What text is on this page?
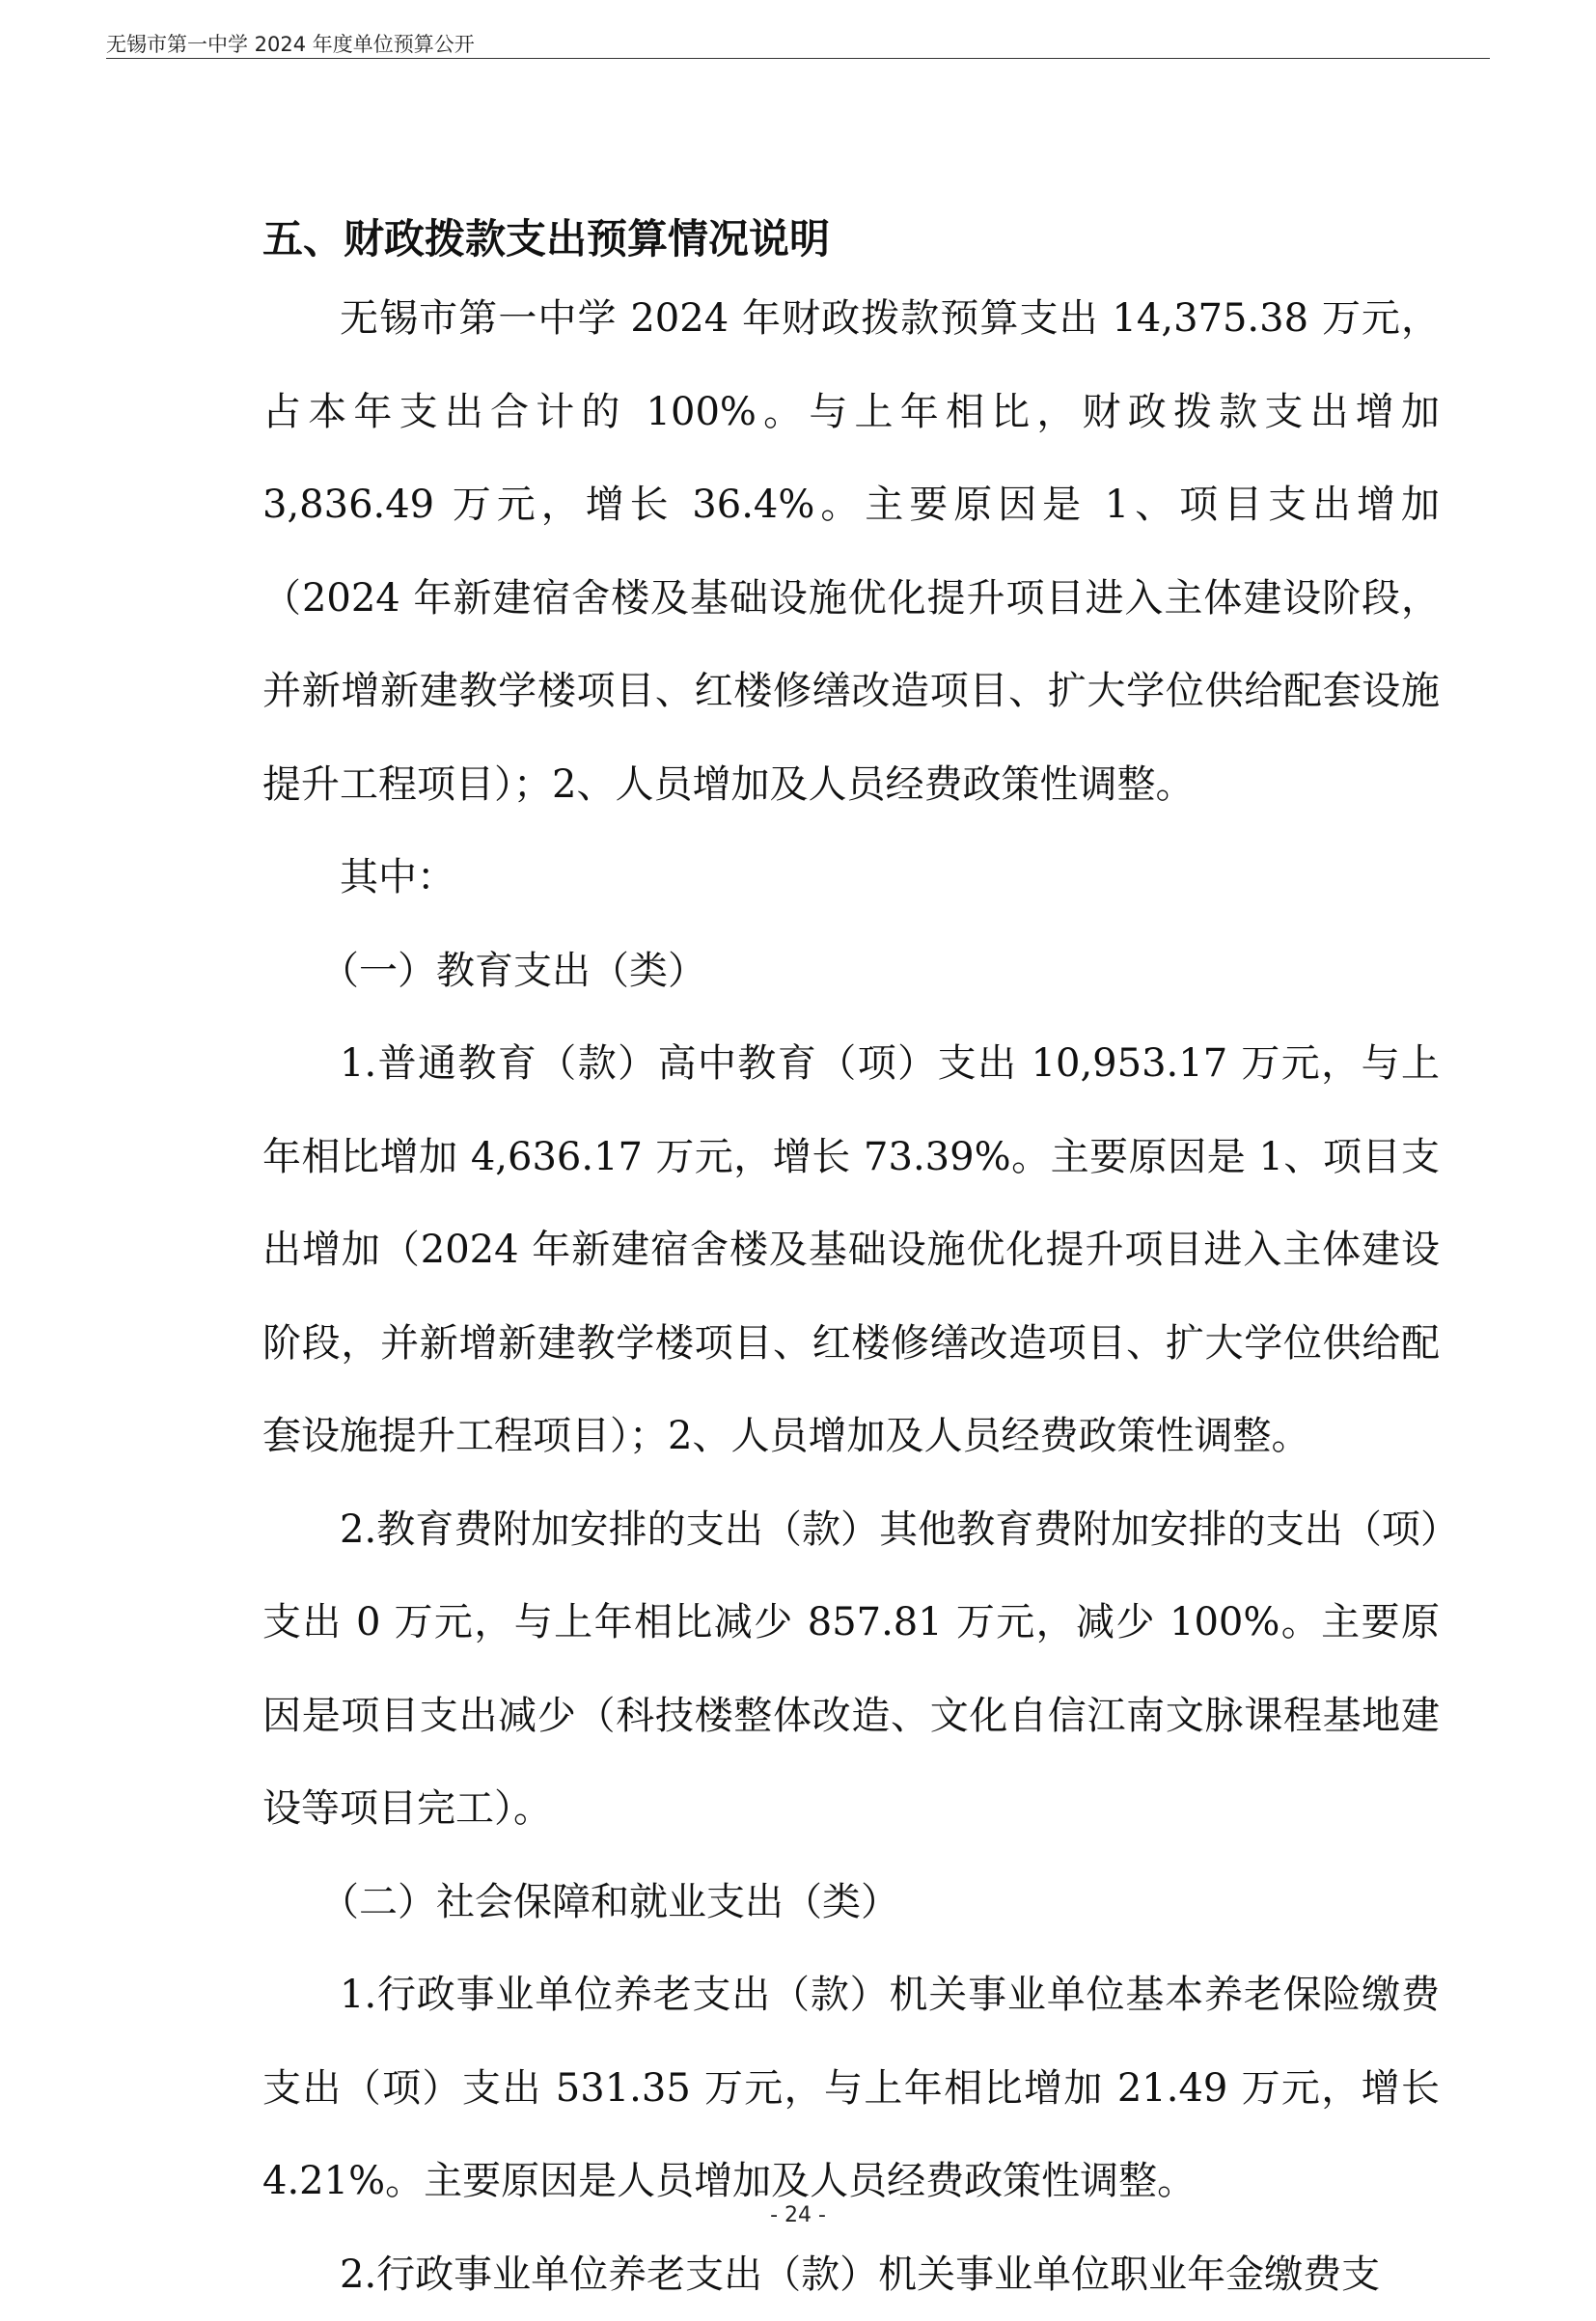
无锡市第一中学 2024 年度单位预算公开
五、财政拨款支出预算情况说明

无锡市第一中学 2024 年财政拨款预算支出 14,375.38 万元，占本年支出合计的 100%。与上年相比，财政拨款支出增加 3,836.49 万元，增长 36.4%。主要原因是 1、项目支出增加（2024 年新建宿舍楼及基础设施优化提升项目进入主体建设阶段，并新增新建教学楼项目、红楼修缮改造项目、扩大学位供给配套设施提升工程项目）；2、人员增加及人员经费政策性调整。

其中：

（一）教育支出（类）

1.普通教育（款）高中教育（项）支出 10,953.17 万元，与上年相比增加 4,636.17 万元，增长 73.39%。主要原因是 1、项目支出增加（2024 年新建宿舍楼及基础设施优化提升项目进入主体建设阶段，并新增新建教学楼项目、红楼修缮改造项目、扩大学位供给配套设施提升工程项目）；2、人员增加及人员经费政策性调整。

2.教育费附加安排的支出（款）其他教育费附加安排的支出（项）支出 0 万元，与上年相比减少 857.81 万元，减少 100%。主要原因是项目支出减少（科技楼整体改造、文化自信江南文脉课程基地建设等项目完工）。

（二）社会保障和就业支出（类）

1.行政事业单位养老支出（款）机关事业单位基本养老保险缴费支出（项）支出 531.35 万元，与上年相比增加 21.49 万元，增长 4.21%。主要原因是人员增加及人员经费政策性调整。

2.行政事业单位养老支出（款）机关事业单位职业年金缴费支

- 24 -
